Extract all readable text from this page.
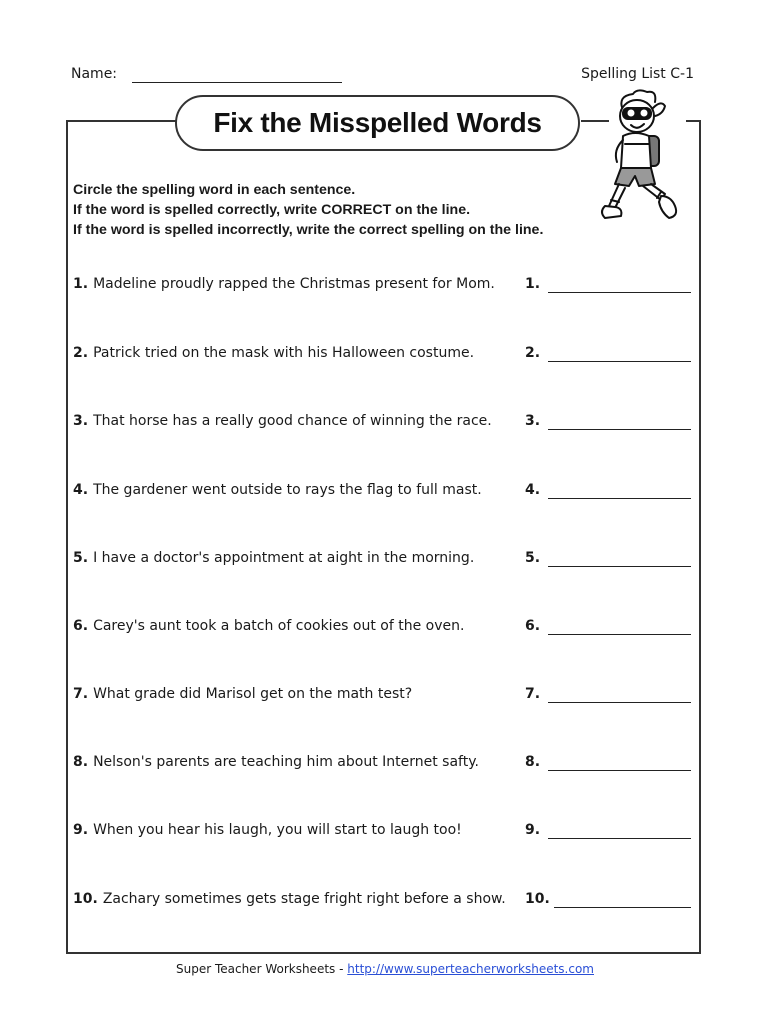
Name:	Spelling List C-1
Fix the Misspelled Words
Circle the spelling word in each sentence.
If the word is spelled correctly, write CORRECT on the line.
If the word is spelled incorrectly, write the correct spelling on the line.
1. Madeline proudly rapped the Christmas present for Mom. 1.
2. Patrick tried on the mask with his Halloween costume.	2.
3. That horse has a really good chance of winning the race. 3.
4. The gardener went outside to rays the flag to full mast.	4.
5. I have a doctor's appointment at aight in the morning.	5.
6. Carey's aunt took a batch of cookies out of the oven.	6.
7. What grade did Marisol get on the math test?	7.
8. Nelson's parents are teaching him about Internet safty.	8.
9. When you hear his laugh, you will start to laugh too!	9.
10. Zachary sometimes gets stage fright right before a show. 10.
Super Teacher Worksheets - http://www.superteacherworksheets.com
